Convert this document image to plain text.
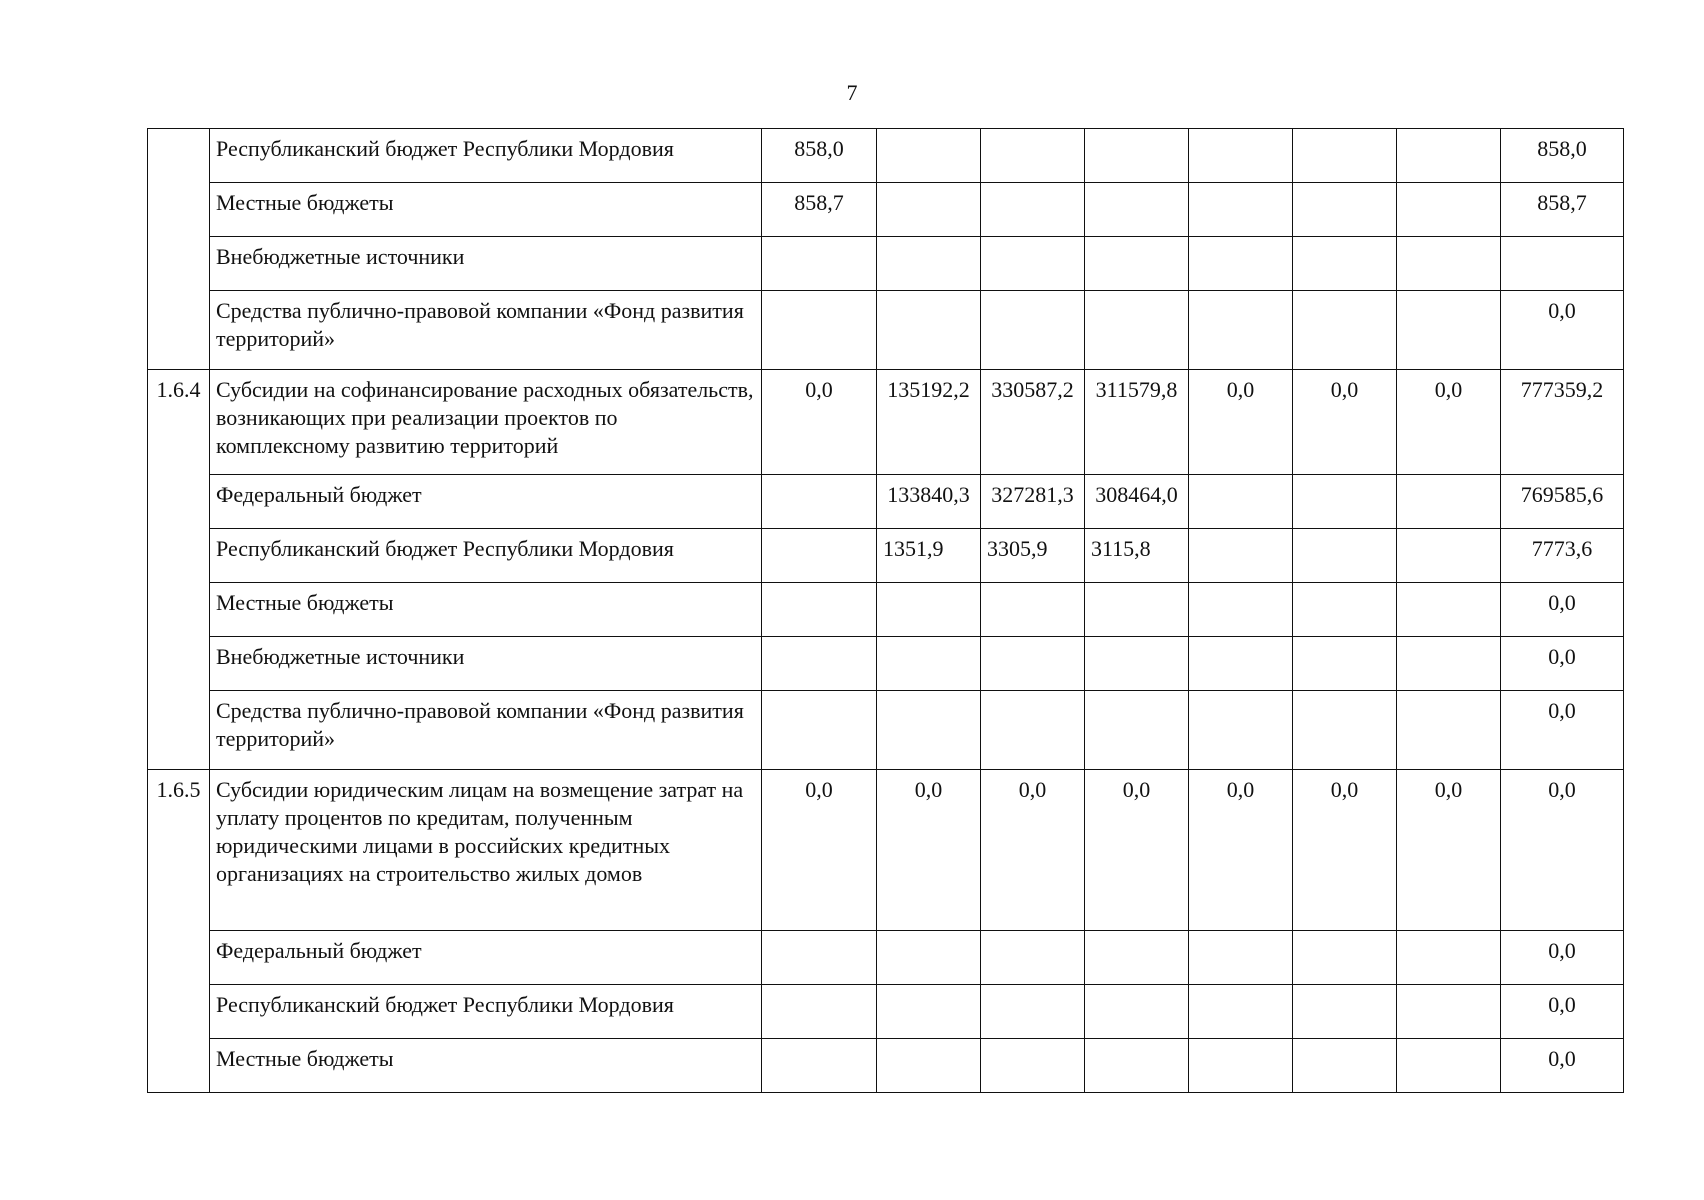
7
	Республиканский бюджет Республики Мордовия	858,0							858,0
	Местные бюджеты	858,7							858,7
	Внебюджетные источники								
	Средства публично-правовой компании «Фонд развития территорий»								0,0
1.6.4	Субсидии на софинансирование расходных обязательств, возникающих при реализации проектов по комплексному развитию территорий	0,0	135192,2	330587,2	311579,8	0,0	0,0	0,0	777359,2
	Федеральный бюджет		133840,3	327281,3	308464,0				769585,6
	Республиканский бюджет Республики Мордовия		1351,9	3305,9	3115,8				7773,6
	Местные бюджеты								0,0
	Внебюджетные источники								0,0
	Средства публично-правовой компании «Фонд развития территорий»								0,0
1.6.5	Субсидии юридическим лицам на возмещение затрат на уплату процентов по кредитам, полученным юридическими лицами в российских кредитных организациях на строительство жилых домов	0,0	0,0	0,0	0,0	0,0	0,0	0,0	0,0
	Федеральный бюджет								0,0
	Республиканский бюджет Республики Мордовия								0,0
	Местные бюджеты								0,0
